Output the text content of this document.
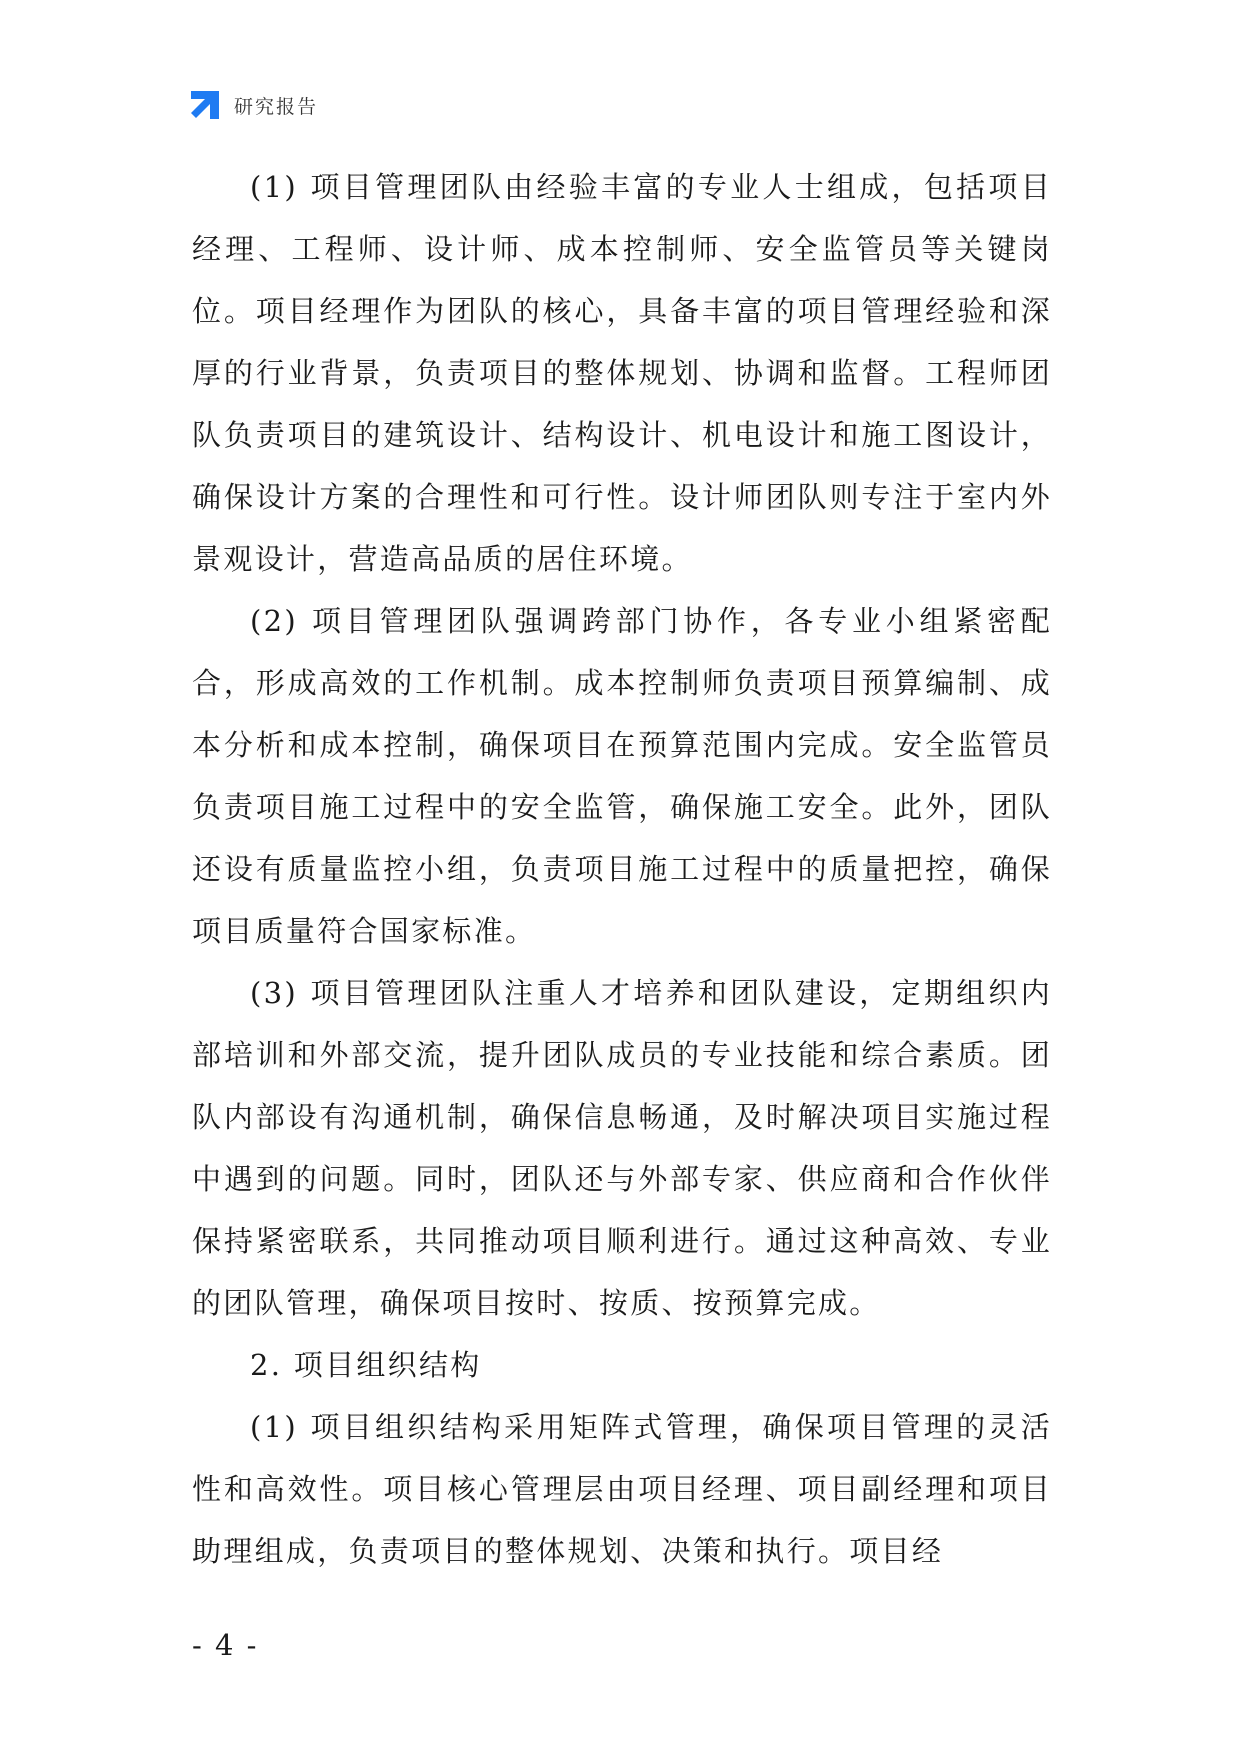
研究报告

(1) 项目管理团队由经验丰富的专业人士组成，包括项目经理、工程师、设计师、成本控制师、安全监管员等关键岗位。项目经理作为团队的核心，具备丰富的项目管理经验和深厚的行业背景，负责项目的整体规划、协调和监督。工程师团队负责项目的建筑设计、结构设计、机电设计和施工图设计，确保设计方案的合理性和可行性。设计师团队则专注于室内外景观设计，营造高品质的居住环境。

(2) 项目管理团队强调跨部门协作，各专业小组紧密配合，形成高效的工作机制。成本控制师负责项目预算编制、成本分析和成本控制，确保项目在预算范围内完成。安全监管员负责项目施工过程中的安全监管，确保施工安全。此外，团队还设有质量监控小组，负责项目施工过程中的质量把控，确保项目质量符合国家标准。

(3) 项目管理团队注重人才培养和团队建设，定期组织内部培训和外部交流，提升团队成员的专业技能和综合素质。团队内部设有沟通机制，确保信息畅通，及时解决项目实施过程中遇到的问题。同时，团队还与外部专家、供应商和合作伙伴保持紧密联系，共同推动项目顺利进行。通过这种高效、专业的团队管理，确保项目按时、按质、按预算完成。

2. 项目组织结构

(1) 项目组织结构采用矩阵式管理，确保项目管理的灵活性和高效性。项目核心管理层由项目经理、项目副经理和项目助理组成，负责项目的整体规划、决策和执行。项目经

- 4 -
